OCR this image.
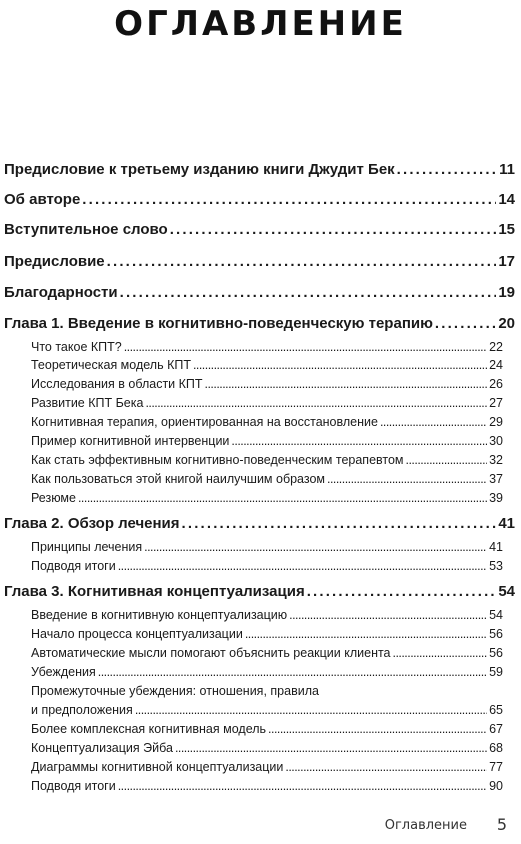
ОГЛАВЛЕНИЕ
Предисловие к третьему изданию книги Джудит Бек . . .	11
Об авторе . . .	14
Вступительное слово . . .	15
Предисловие . . .	17
Благодарности . . .	19
Глава 1. Введение в когнитивно-поведенческую терапию . . .	20
Что такое КПТ? . . .	22
Теоретическая модель КПТ . . .	24
Исследования в области КПТ . . .	26
Развитие КПТ Бека . . .	27
Когнитивная терапия, ориентированная на восстановление . . .	29
Пример когнитивной интервенции . . .	30
Как стать эффективным когнитивно-поведенческим терапевтом . . .	32
Как пользоваться этой книгой наилучшим образом . . .	37
Резюме . . .	39
Глава 2. Обзор лечения . . .	41
Принципы лечения . . .	41
Подводя итоги . . .	53
Глава 3. Когнитивная концептуализация . . .	54
Введение в когнитивную концептуализацию . . .	54
Начало процесса концептуализации . . .	56
Автоматические мысли помогают объяснить реакции клиента . . .	56
Убеждения . . .	59
Промежуточные убеждения: отношения, правила
и предположения . . .	65
Более комплексная когнитивная модель . . .	67
Концептуализация Эйба . . .	68
Диаграммы когнитивной концептуализации . . .	77
Подводя итоги . . .	90
Оглавление 5
